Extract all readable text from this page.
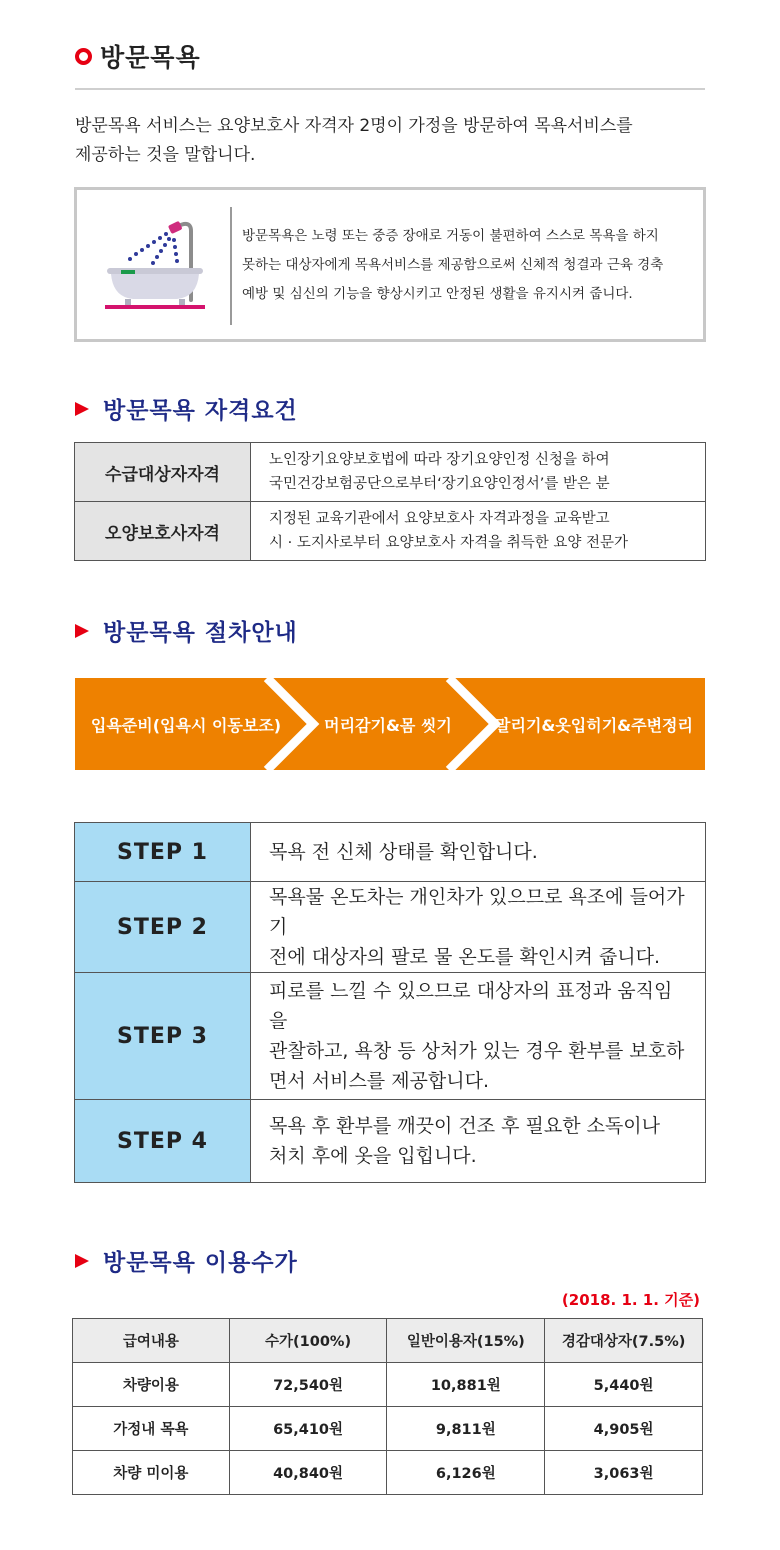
방문목욕
방문목욕 서비스는 요양보호사 자격자 2명이 가정을 방문하여 목욕서비스를
제공하는 것을 말합니다.
방문목욕은 노령 또는 중증 장애로 거동이 불편하여 스스로 목욕을 하지
못하는 대상자에게 목욕서비스를 제공함으로써 신체적 청결과 근육 경축
예방 및 심신의 기능을 향상시키고 안정된 생활을 유지시켜 줍니다.
방문목욕 자격요건
수급대상자자격	노인장기요양보호법에 따라 장기요양인정 신청을 하여
국민건강보험공단으로부터‘장기요양인정서’를 받은 분

오양보호사자격	지정된 교육기관에서 요양보호사 자격과정을 교육받고
시 · 도지사로부터 요양보호사 자격을 취득한 요양 전문가
방문목욕 절차안내
입욕준비(입욕시 이동보조)	머리감기&몸 씻기	말리기&옷입히기&주변정리
STEP 1	목욕 전 신체 상태를 확인합니다.

STEP 2	목욕물 온도차는 개인차가 있으므로 욕조에 들어가기
전에 대상자의 팔로 물 온도를 확인시켜 줍니다.

STEP 3	피로를 느낄 수 있으므로 대상자의 표정과 움직임을
관찰하고, 욕창 등 상처가 있는 경우 환부를 보호하
면서 서비스를 제공합니다.

STEP 4	목욕 후 환부를 깨끗이 건조 후 필요한 소독이나
처치 후에 옷을 입힙니다.
방문목욕 이용수가
(2018. 1. 1. 기준)
급여내용	수가(100%)	일반이용자(15%)	경감대상자(7.5%)
차량이용	72,540원	10,881원	5,440원
가정내 목욕	65,410원	9,811원	4,905원
차량 미이용	40,840원	6,126원	3,063원
